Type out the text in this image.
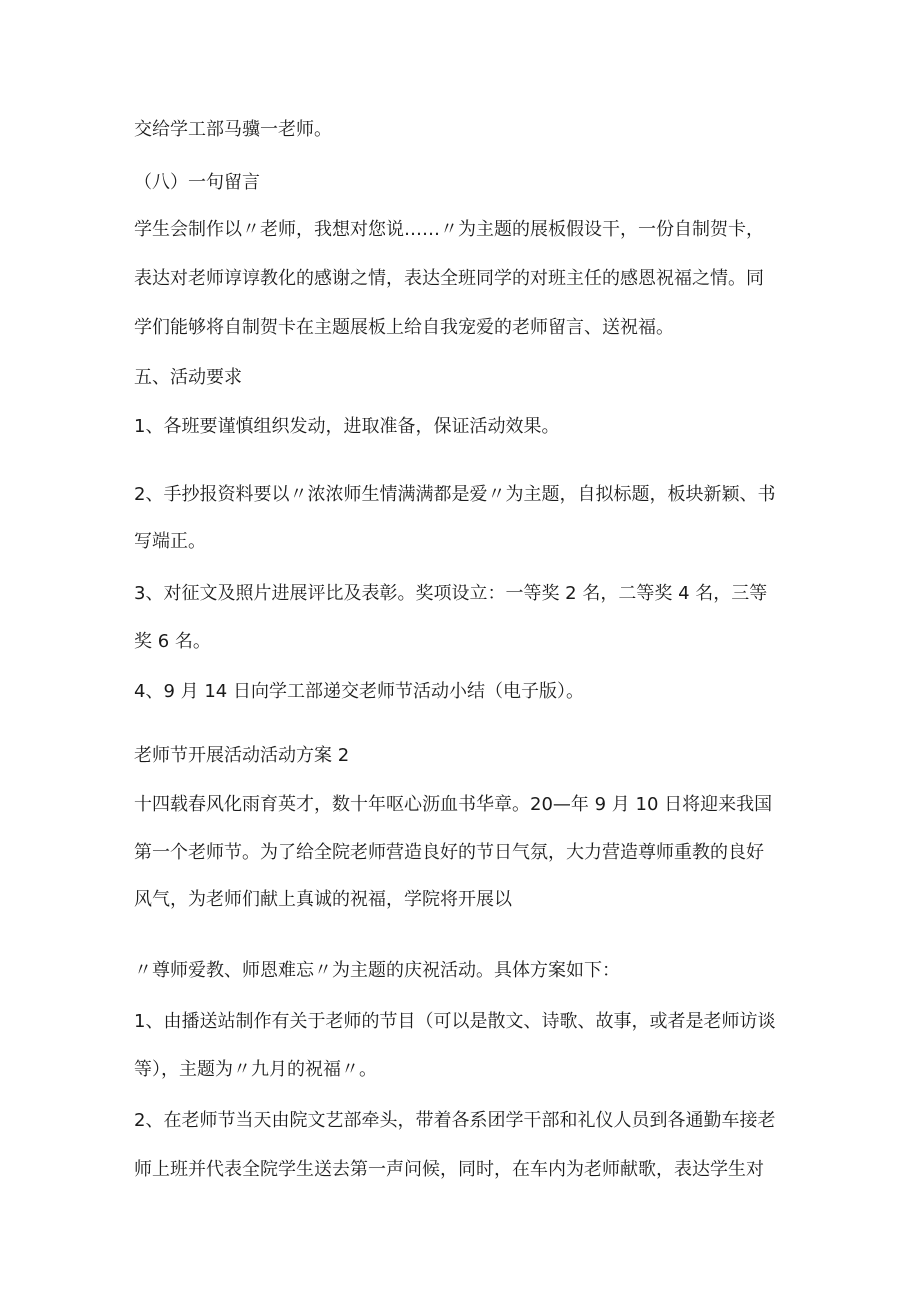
交给学工部马骥一老师。
（八）一句留言
学生会制作以〃老师，我想对您说……〃为主题的展板假设干，一份自制贺卡，
表达对老师谆谆教化的感谢之情，表达全班同学的对班主任的感恩祝福之情。同
学们能够将自制贺卡在主题展板上给自我宠爱的老师留言、送祝福。
五、活动要求
1、各班要谨慎组织发动，进取准备，保证活动效果。
2、手抄报资料要以〃浓浓师生情满满都是爱〃为主题，自拟标题，板块新颖、书
写端正。
3、对征文及照片进展评比及表彰。奖项设立：一等奖 2 名，二等奖 4 名，三等
奖 6 名。
4、9 月 14 日向学工部递交老师节活动小结（电子版）。
老师节开展活动活动方案 2
十四载春风化雨育英才，数十年呕心沥血书华章。20—年 9 月 10 日将迎来我国
第一个老师节。为了给全院老师营造良好的节日气氛，大力营造尊师重教的良好
风气，为老师们献上真诚的祝福，学院将开展以
〃尊师爱教、师恩难忘〃为主题的庆祝活动。具体方案如下：
1、由播送站制作有关于老师的节目（可以是散文、诗歌、故事，或者是老师访谈
等），主题为〃九月的祝福〃。
2、在老师节当天由院文艺部牵头，带着各系团学干部和礼仪人员到各通勤车接老
师上班并代表全院学生送去第一声问候，同时，在车内为老师献歌，表达学生对
